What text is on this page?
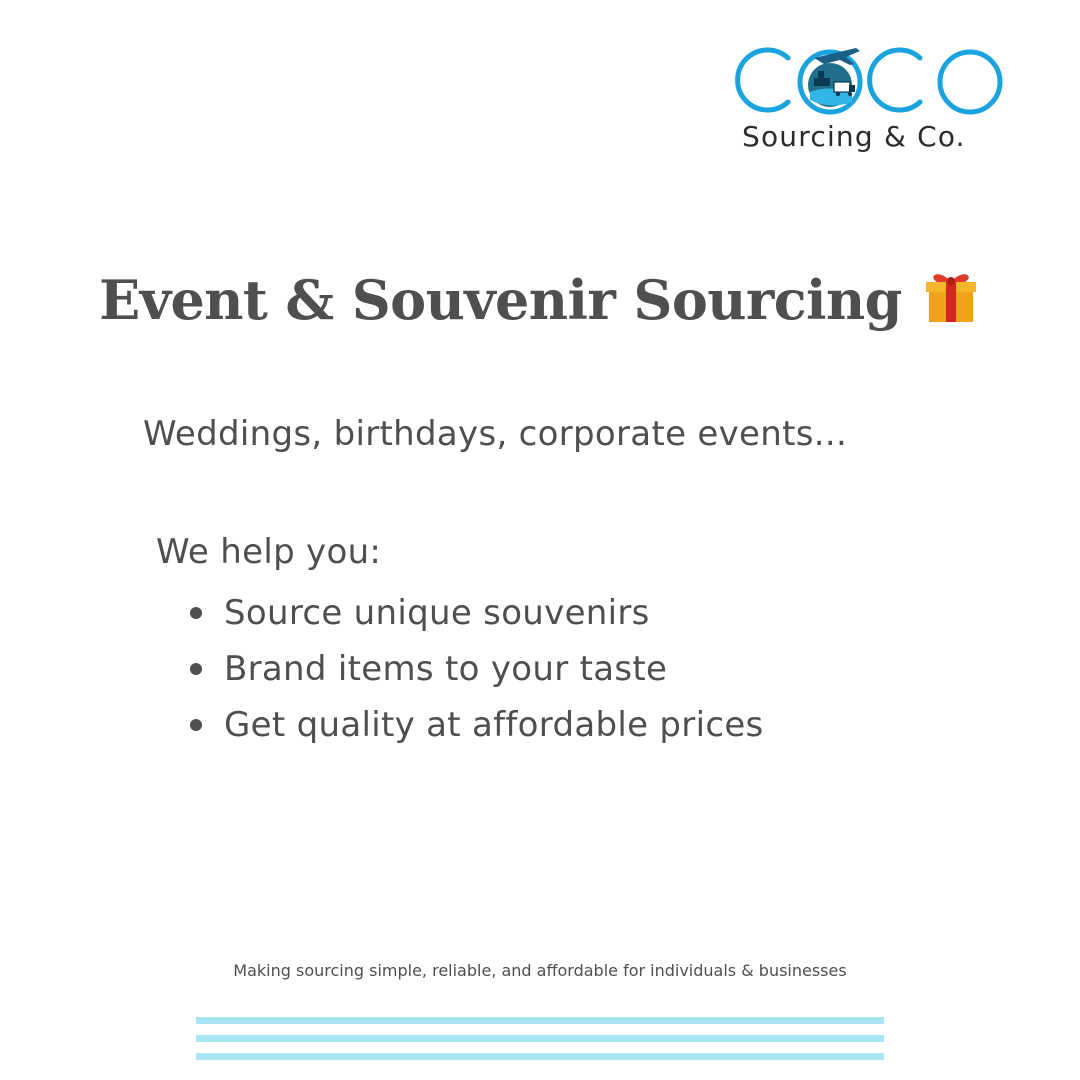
Sourcing & Co.
Event & Souvenir Sourcing
Weddings, birthdays, corporate events...
We help you:
Source unique souvenirs
Brand items to your taste
Get quality at affordable prices
Making sourcing simple, reliable, and affordable for individuals & businesses
